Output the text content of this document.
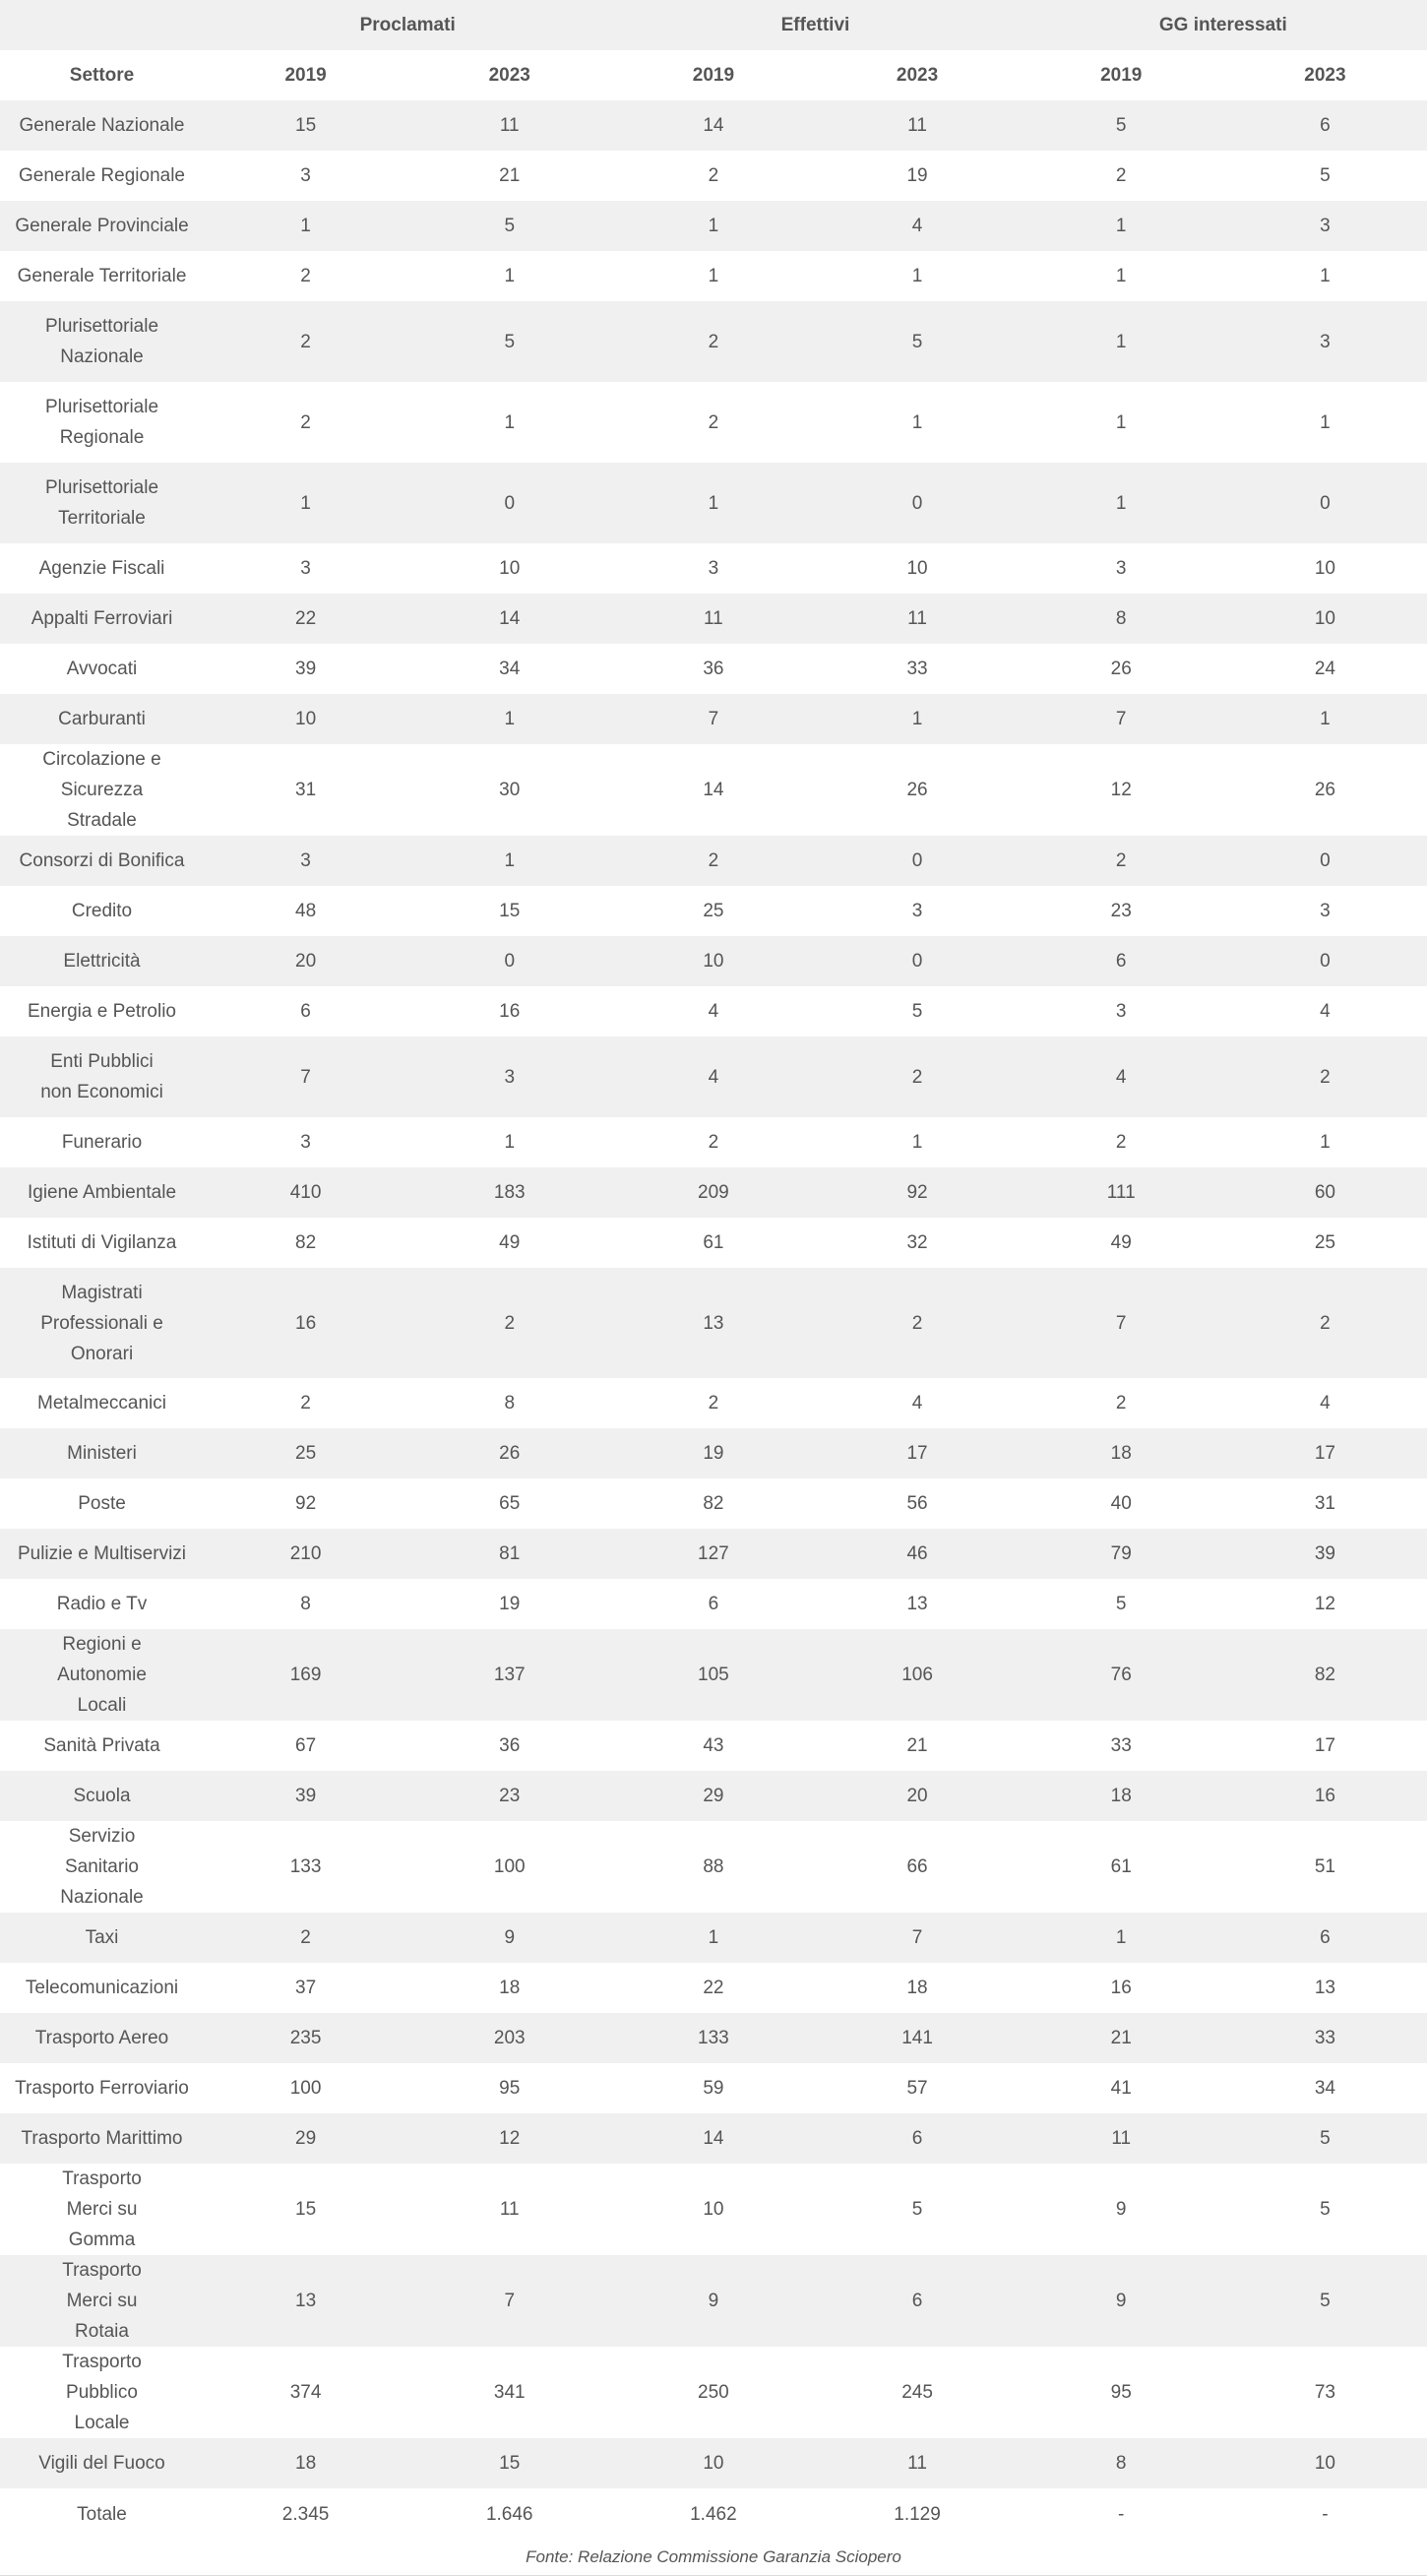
	Proclamati		Effettivi		GG interessati	
Settore	2019	2023	2019	2023	2019	2023
Generale Nazionale	15	11	14	11	5	6
Generale Regionale	3	21	2	19	2	5
Generale Provinciale	1	5	1	4	1	3
Generale Territoriale	2	1	1	1	1	1
Plurisettoriale Nazionale	2	5	2	5	1	3
Plurisettoriale Regionale	2	1	2	1	1	1
Plurisettoriale Territoriale	1	0	1	0	1	0
Agenzie Fiscali	3	10	3	10	3	10
Appalti Ferroviari	22	14	11	11	8	10
Avvocati	39	34	36	33	26	24
Carburanti	10	1	7	1	7	1
Circolazione e Sicurezza Stradale	31	30	14	26	12	26
Consorzi di Bonifica	3	1	2	0	2	0
Credito	48	15	25	3	23	3
Elettricità	20	0	10	0	6	0
Energia e Petrolio	6	16	4	5	3	4
Enti Pubblici non Economici	7	3	4	2	4	2
Funerario	3	1	2	1	2	1
Igiene Ambientale	410	183	209	92	111	60
Istituti di Vigilanza	82	49	61	32	49	25
Magistrati Professionali e Onorari	16	2	13	2	7	2
Metalmeccanici	2	8	2	4	2	4
Ministeri	25	26	19	17	18	17
Poste	92	65	82	56	40	31
Pulizie e Multiservizi	210	81	127	46	79	39
Radio e Tv	8	19	6	13	5	12
Regioni e Autonomie Locali	169	137	105	106	76	82
Sanità Privata	67	36	43	21	33	17
Scuola	39	23	29	20	18	16
Servizio Sanitario Nazionale	133	100	88	66	61	51
Taxi	2	9	1	7	1	6
Telecomunicazioni	37	18	22	18	16	13
Trasporto Aereo	235	203	133	141	21	33
Trasporto Ferroviario	100	95	59	57	41	34
Trasporto Marittimo	29	12	14	6	11	5
Trasporto Merci su Gomma	15	11	10	5	9	5
Trasporto Merci su Rotaia	13	7	9	6	9	5
Trasporto Pubblico Locale	374	341	250	245	95	73
Vigili del Fuoco	18	15	10	11	8	10
Totale	2.345	1.646	1.462	1.129	-	-
Fonte: Relazione Commissione Garanzia Sciopero
